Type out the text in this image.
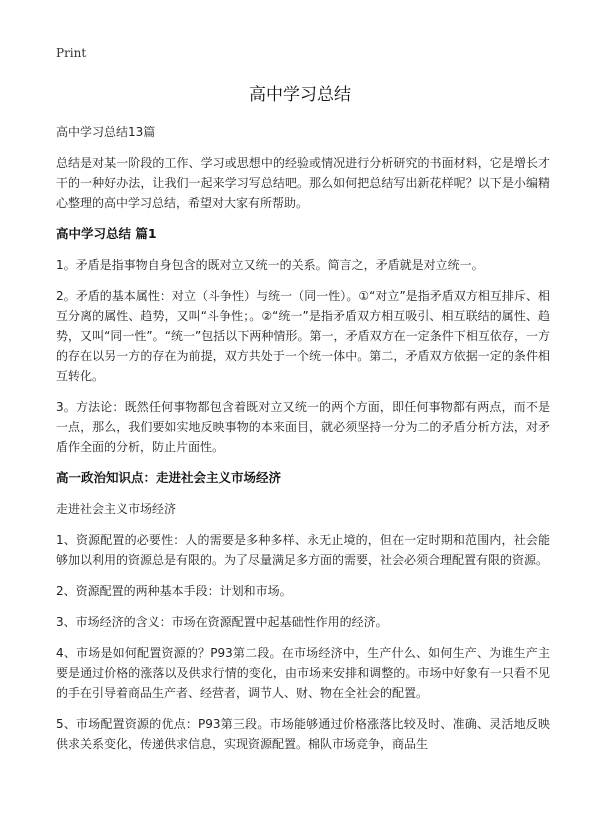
Print
高中学习总结

高中学习总结13篇

总结是对某一阶段的工作、学习或思想中的经验或情况进行分析研究的书面材料，它是增长才干的一种好办法，让我们一起来学习写总结吧。那么如何把总结写出新花样呢？以下是小编精心整理的高中学习总结，希望对大家有所帮助。

高中学习总结 篇1

1。矛盾是指事物自身包含的既对立又统一的关系。简言之，矛盾就是对立统一。

2。矛盾的基本属性：对立（斗争性）与统一（同一性）。①“对立”是指矛盾双方相互排斥、相互分离的属性、趋势，又叫“斗争性；。②“统一”是指矛盾双方相互吸引、相互联结的属性、趋势，又叫“同一性”。“统一”包括以下两种情形。第一，矛盾双方在一定条件下相互依存，一方的存在以另一方的存在为前提，双方共处于一个统一体中。第二，矛盾双方依据一定的条件相互转化。

3。方法论：既然任何事物都包含着既对立又统一的两个方面，即任何事物都有两点，而不是一点，那么，我们要如实地反映事物的本来面目，就必须坚持一分为二的矛盾分析方法，对矛盾作全面的分析，防止片面性。

高一政治知识点：走进社会主义市场经济

走进社会主义市场经济

1、资源配置的必要性：人的需要是多种多样、永无止境的，但在一定时期和范围内，社会能够加以利用的资源总是有限的。为了尽量满足多方面的需要，社会必须合理配置有限的资源。

2、资源配置的两种基本手段：计划和市场。

3、市场经济的含义：市场在资源配置中起基础性作用的经济。

4、市场是如何配置资源的？P93第二段。在市场经济中，生产什么、如何生产、为谁生产主要是通过价格的涨落以及供求行情的变化，由市场来安排和调整的。市场中好象有一只看不见的手在引导着商品生产者、经营者，调节人、财、物在全社会的配置。

5、市场配置资源的优点：P93第三段。市场能够通过价格涨落比较及时、准确、灵活地反映供求关系变化，传递供求信息，实现资源配置。棉队市场竞争，商品生
